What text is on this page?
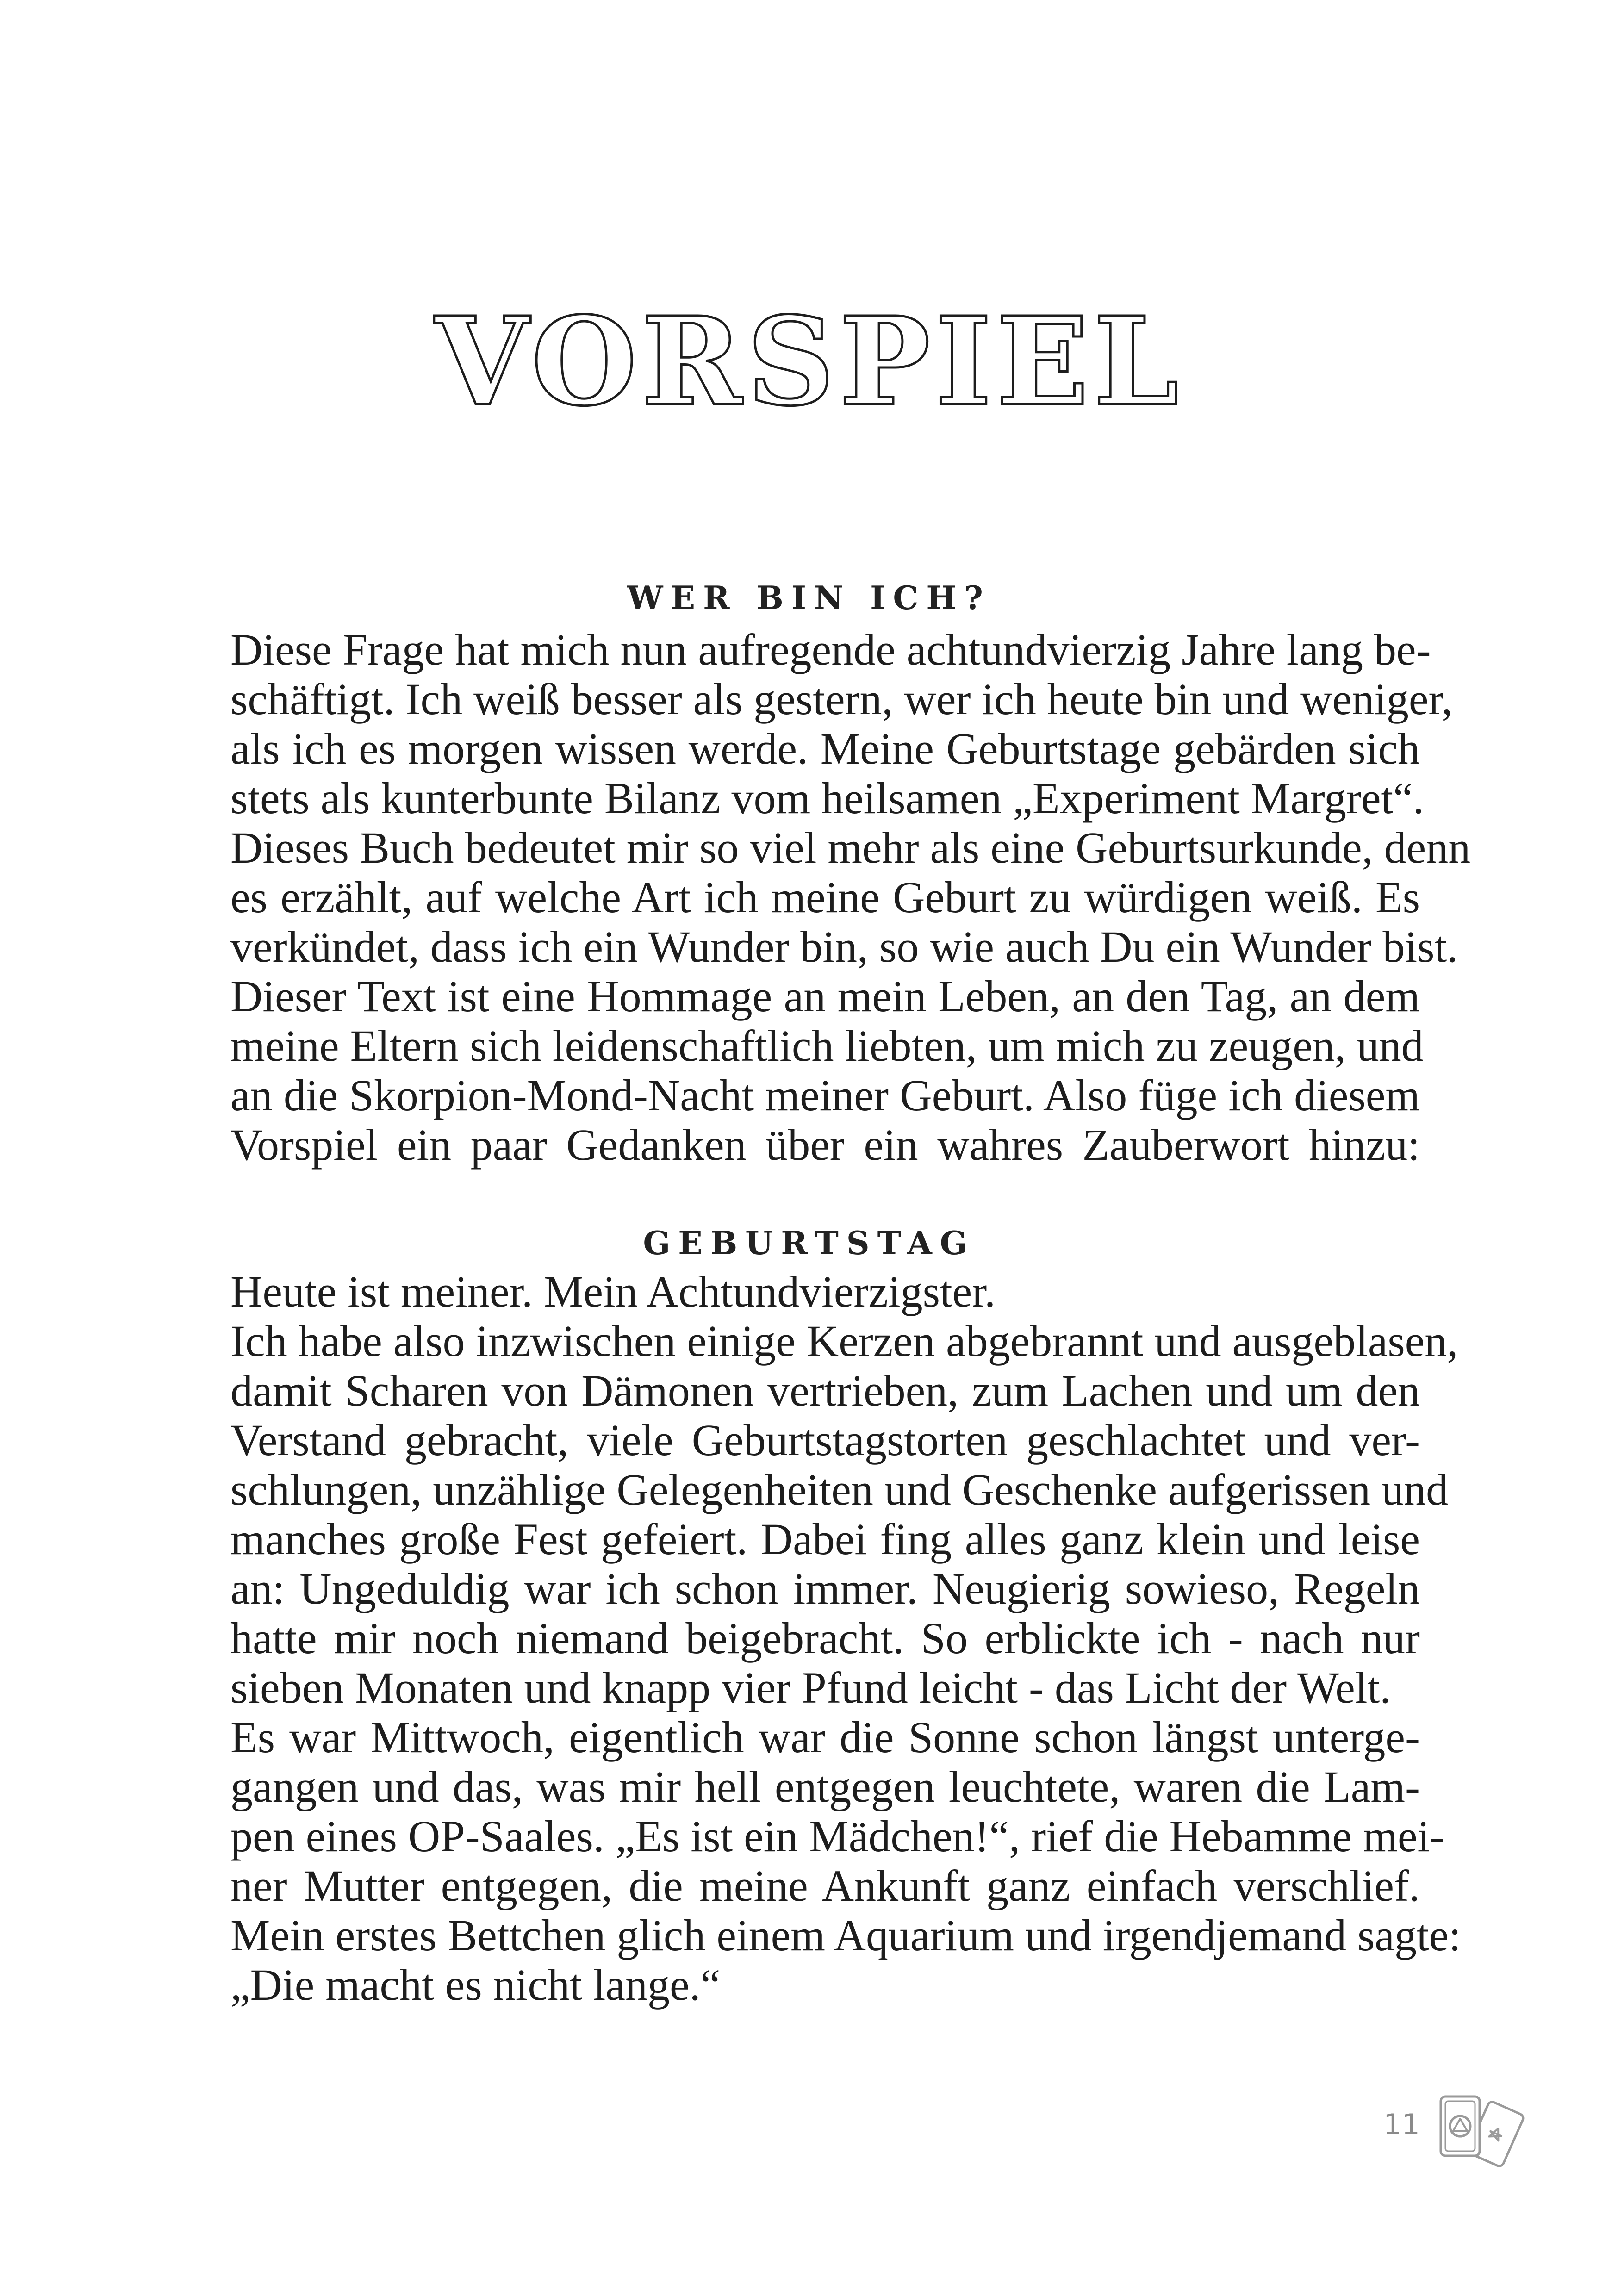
VORSPIEL
WER BIN ICH?
Diese Frage hat mich nun aufregende achtundvierzig Jahre lang be-
schäftigt. Ich weiß besser als gestern, wer ich heute bin und weniger,
als ich es morgen wissen werde. Meine Geburtstage gebärden sich
stets als kunterbunte Bilanz vom heilsamen „Experiment Margret“.
Dieses Buch bedeutet mir so viel mehr als eine Geburtsurkunde, denn
es erzählt, auf welche Art ich meine Geburt zu würdigen weiß. Es
verkündet, dass ich ein Wunder bin, so wie auch Du ein Wunder bist.
Dieser Text ist eine Hommage an mein Leben, an den Tag, an dem
meine Eltern sich leidenschaftlich liebten, um mich zu zeugen, und
an die Skorpion-Mond-Nacht meiner Geburt. Also füge ich diesem
Vorspiel ein paar Gedanken über ein wahres Zauberwort hinzu:
GEBURTSTAG
Heute ist meiner. Mein Achtundvierzigster.
Ich habe also inzwischen einige Kerzen abgebrannt und ausgeblasen,
damit Scharen von Dämonen vertrieben, zum Lachen und um den
Verstand gebracht, viele Geburtstagstorten geschlachtet und ver-
schlungen, unzählige Gelegenheiten und Geschenke aufgerissen und
manches große Fest gefeiert. Dabei fing alles ganz klein und leise
an: Ungeduldig war ich schon immer. Neugierig sowieso, Regeln
hatte mir noch niemand beigebracht. So erblickte ich - nach nur
sieben Monaten und knapp vier Pfund leicht - das Licht der Welt.
Es war Mittwoch, eigentlich war die Sonne schon längst unterge-
gangen und das, was mir hell entgegen leuchtete, waren die Lam-
pen eines OP-Saales. „Es ist ein Mädchen!“, rief die Hebamme mei-
ner Mutter entgegen, die meine Ankunft ganz einfach verschlief.
Mein erstes Bettchen glich einem Aquarium und irgendjemand sagte:
„Die macht es nicht lange.“
11
